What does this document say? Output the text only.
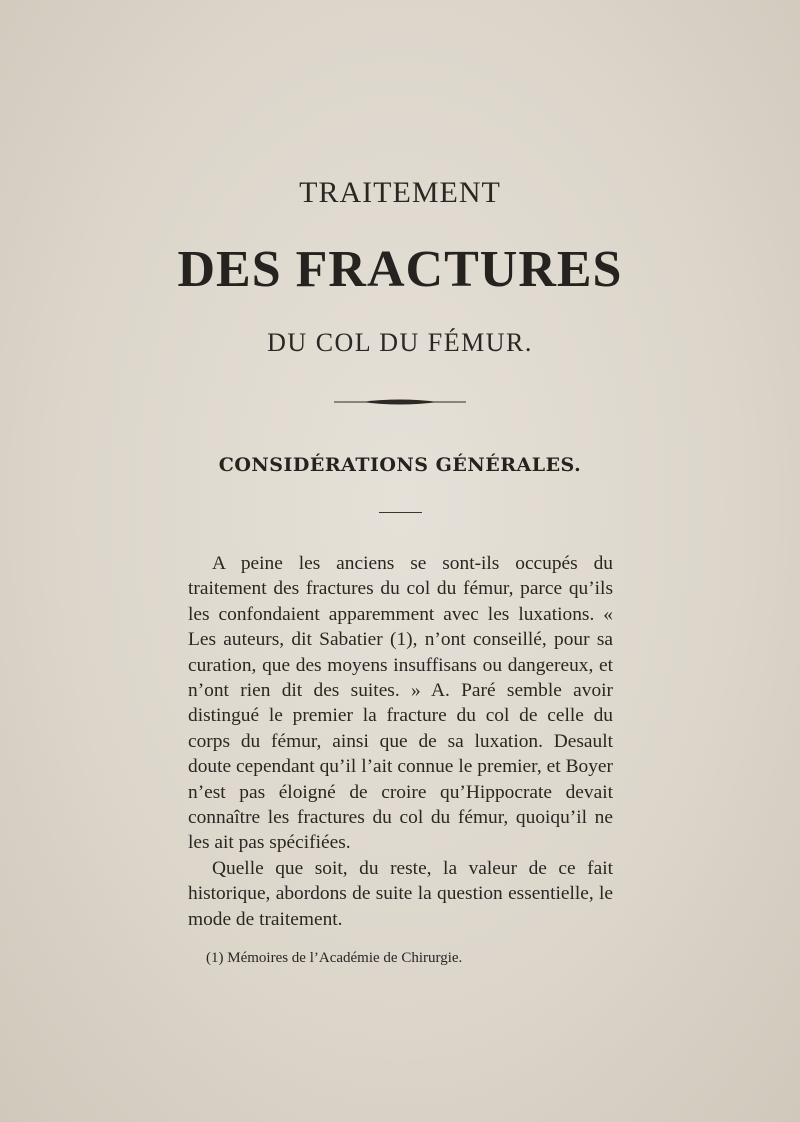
TRAITEMENT
DES FRACTURES
DU COL DU FÉMUR.
CONSIDÉRATIONS GÉNÉRALES.

A peine les anciens se sont-ils occupés du traitement des fractures du col du fémur, parce qu’ils les confondaient apparemment avec les luxations. « Les auteurs, dit Sabatier (1), n’ont conseillé, pour sa curation, que des moyens insuffisans ou dangereux, et n’ont rien dit des suites. » A. Paré semble avoir distingué le premier la fracture du col de celle du corps du fémur, ainsi que de sa luxation. Desault doute cependant qu’il l’ait connue le premier, et Boyer n’est pas éloigné de croire qu’Hippocrate devait connaître les fractures du col du fémur, quoiqu’il ne les ait pas spécifiées.

Quelle que soit, du reste, la valeur de ce fait historique, abordons de suite la question essentielle, le mode de traitement.

(1) Mémoires de l’Académie de Chirurgie.
